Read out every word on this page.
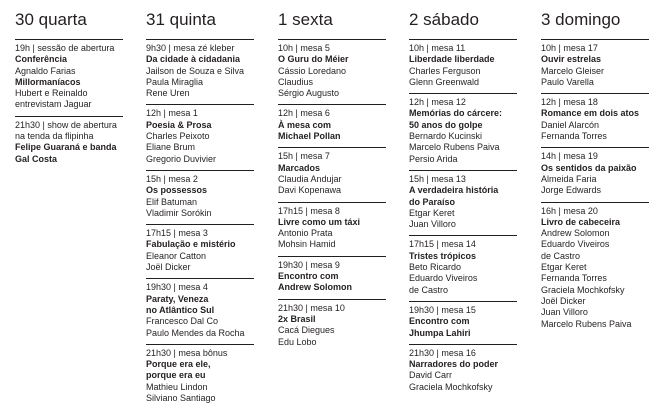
30 quarta
19h | sessão de abertura
Conferência
Agnaldo Farias
Millormaníacos
Hubert e Reinaldo
entrevistam Jaguar
21h30 | show de abertura
na tenda da flipinha
Felipe Guaraná e banda
Gal Costa
31 quinta
9h30 | mesa zé kleber
Da cidade à cidadania
Jailson de Souza e Silva
Paula Miraglia
Rene Uren
12h | mesa 1
Poesia & Prosa
Charles Peixoto
Eliane Brum
Gregorio Duvivier
15h | mesa 2
Os possessos
Elif Batuman
Vladimir Sorókin
17h15 | mesa 3
Fabulação e mistério
Eleanor Catton
Joël Dicker
19h30 | mesa 4
Paraty, Veneza
no Atlântico Sul
Francesco Dal Co
Paulo Mendes da Rocha
21h30 | mesa bônus
Porque era ele,
porque era eu
Mathieu Lindon
Silviano Santiago
1 sexta
10h | mesa 5
O Guru do Méier
Cássio Loredano
Claudius
Sérgio Augusto
12h | mesa 6
À mesa com
Michael Pollan
15h | mesa 7
Marcados
Claudia Andujar
Davi Kopenawa
17h15 | mesa 8
Livre como um táxi
Antonio Prata
Mohsin Hamid
19h30 | mesa 9
Encontro com
Andrew Solomon
21h30 | mesa 10
2x Brasil
Cacá Diegues
Edu Lobo
2 sábado
10h | mesa 11
Liberdade liberdade
Charles Ferguson
Glenn Greenwald
12h | mesa 12
Memórias do cárcere:
50 anos do golpe
Bernardo Kucinski
Marcelo Rubens Paiva
Persio Arida
15h | mesa 13
A verdadeira história
do Paraíso
Etgar Keret
Juan Villoro
17h15 | mesa 14
Tristes trópicos
Beto Ricardo
Eduardo Viveiros
de Castro
19h30 | mesa 15
Encontro com
Jhumpa Lahiri
21h30 | mesa 16
Narradores do poder
David Carr
Graciela Mochkofsky
3 domingo
10h | mesa 17
Ouvir estrelas
Marcelo Gleiser
Paulo Varella
12h | mesa 18
Romance em dois atos
Daniel Alarcón
Fernanda Torres
14h | mesa 19
Os sentidos da paixão
Almeida Faria
Jorge Edwards
16h | mesa 20
Livro de cabeceira
Andrew Solomon
Eduardo Viveiros
de Castro
Etgar Keret
Fernanda Torres
Graciela Mochkofsky
Joël Dicker
Juan Villoro
Marcelo Rubens Paiva
